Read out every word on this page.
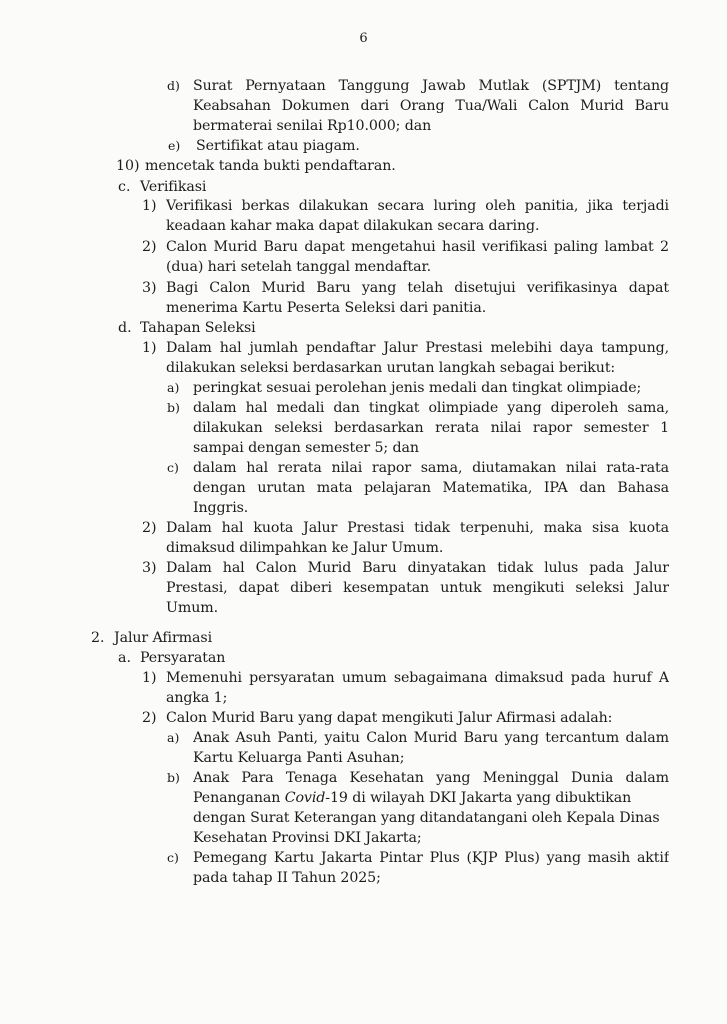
6
d) Surat Pernyataan Tanggung Jawab Mutlak (SPTJM) tentang
Keabsahan Dokumen dari Orang Tua/Wali Calon Murid Baru
bermaterai senilai Rp10.000; dan
e) Sertifikat atau piagam.
10) mencetak tanda bukti pendaftaran.
c. Verifikasi
1) Verifikasi berkas dilakukan secara luring oleh panitia, jika terjadi
keadaan kahar maka dapat dilakukan secara daring.
2) Calon Murid Baru dapat mengetahui hasil verifikasi paling lambat 2
(dua) hari setelah tanggal mendaftar.
3) Bagi Calon Murid Baru yang telah disetujui verifikasinya dapat
menerima Kartu Peserta Seleksi dari panitia.
d. Tahapan Seleksi
1) Dalam hal jumlah pendaftar Jalur Prestasi melebihi daya tampung,
dilakukan seleksi berdasarkan urutan langkah sebagai berikut:
a) peringkat sesuai perolehan jenis medali dan tingkat olimpiade;
b) dalam hal medali dan tingkat olimpiade yang diperoleh sama,
dilakukan seleksi berdasarkan rerata nilai rapor semester 1
sampai dengan semester 5; dan
c) dalam hal rerata nilai rapor sama, diutamakan nilai rata-rata
dengan urutan mata pelajaran Matematika, IPA dan Bahasa
Inggris.
2) Dalam hal kuota Jalur Prestasi tidak terpenuhi, maka sisa kuota
dimaksud dilimpahkan ke Jalur Umum.
3) Dalam hal Calon Murid Baru dinyatakan tidak lulus pada Jalur
Prestasi, dapat diberi kesempatan untuk mengikuti seleksi Jalur
Umum.
2. Jalur Afirmasi
a. Persyaratan
1) Memenuhi persyaratan umum sebagaimana dimaksud pada huruf A
angka 1;
2) Calon Murid Baru yang dapat mengikuti Jalur Afirmasi adalah:
a) Anak Asuh Panti, yaitu Calon Murid Baru yang tercantum dalam
Kartu Keluarga Panti Asuhan;
b) Anak Para Tenaga Kesehatan yang Meninggal Dunia dalam
Penanganan Covid-19 di wilayah DKI Jakarta yang dibuktikan
dengan Surat Keterangan yang ditandatangani oleh Kepala Dinas
Kesehatan Provinsi DKI Jakarta;
c) Pemegang Kartu Jakarta Pintar Plus (KJP Plus) yang masih aktif
pada tahap II Tahun 2025;
